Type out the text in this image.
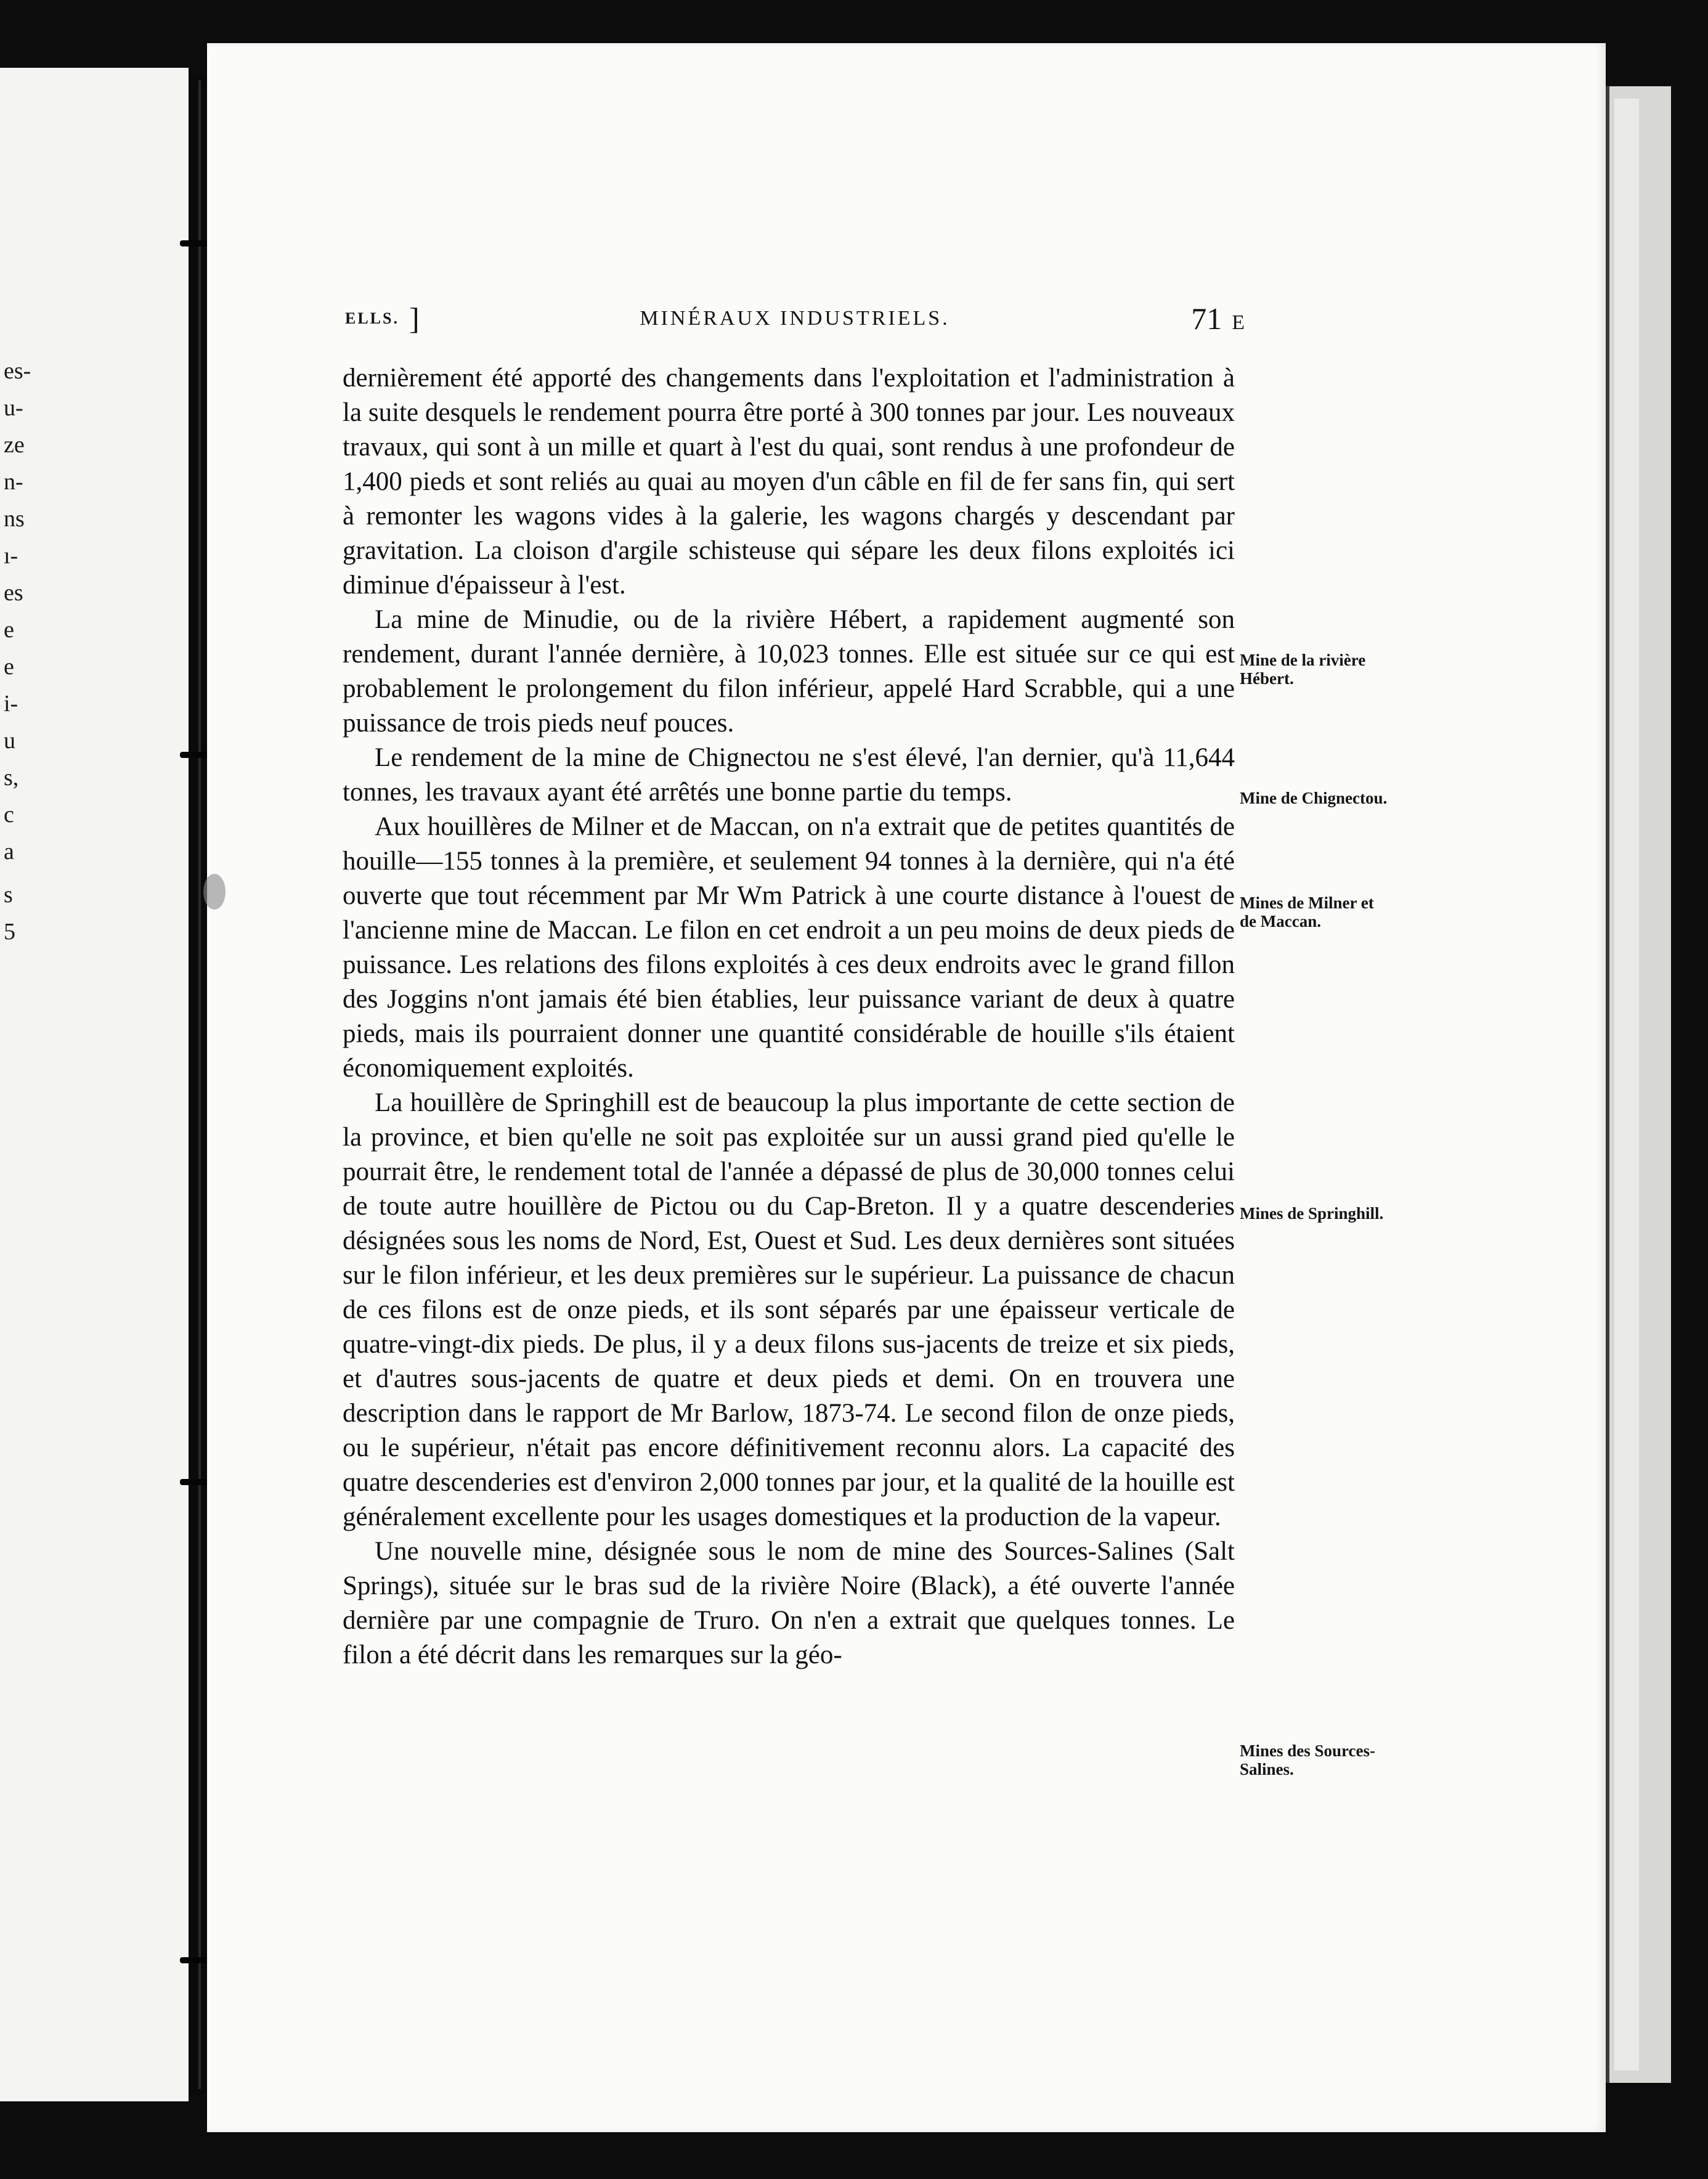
es-
u-
ze
n-
ns
ı-
es
e
e
i-
u
s,
c
a
s
5
ELLS. ]	MINÉRAUX INDUSTRIELS.	71 E

dernièrement été apporté des changements dans l'exploitation et l'administration à la suite desquels le rendement pourra être porté à 300 tonnes par jour. Les nouveaux travaux, qui sont à un mille et quart à l'est du quai, sont rendus à une profondeur de 1,400 pieds et sont reliés au quai au moyen d'un câble en fil de fer sans fin, qui sert à remonter les wagons vides à la galerie, les wagons chargés y descendant par gravitation. La cloison d'argile schisteuse qui sépare les deux filons exploités ici diminue d'épaisseur à l'est.

La mine de Minudie, ou de la rivière Hébert, a rapidement augmenté son rendement, durant l'année dernière, à 10,023 tonnes. Elle est située sur ce qui est probablement le prolongement du filon inférieur, appelé Hard Scrabble, qui a une puissance de trois pieds neuf pouces.

Le rendement de la mine de Chignectou ne s'est élevé, l'an dernier, qu'à 11,644 tonnes, les travaux ayant été arrêtés une bonne partie du temps.

Aux houillères de Milner et de Maccan, on n'a extrait que de petites quantités de houille—155 tonnes à la première, et seulement 94 tonnes à la dernière, qui n'a été ouverte que tout récemment par Mr Wm Patrick à une courte distance à l'ouest de l'ancienne mine de Maccan. Le filon en cet endroit a un peu moins de deux pieds de puissance. Les relations des filons exploités à ces deux endroits avec le grand fillon des Joggins n'ont jamais été bien établies, leur puissance variant de deux à quatre pieds, mais ils pourraient donner une quantité considérable de houille s'ils étaient économiquement exploités.

La houillère de Springhill est de beaucoup la plus importante de cette section de la province, et bien qu'elle ne soit pas exploitée sur un aussi grand pied qu'elle le pourrait être, le rendement total de l'année a dépassé de plus de 30,000 tonnes celui de toute autre houillère de Pictou ou du Cap-Breton. Il y a quatre descenderies désignées sous les noms de Nord, Est, Ouest et Sud. Les deux dernières sont situées sur le filon inférieur, et les deux premières sur le supérieur. La puissance de chacun de ces filons est de onze pieds, et ils sont séparés par une épaisseur verticale de quatre-vingt-dix pieds. De plus, il y a deux filons sus-jacents de treize et six pieds, et d'autres sous-jacents de quatre et deux pieds et demi. On en trouvera une description dans le rapport de Mr Barlow, 1873-74. Le second filon de onze pieds, ou le supérieur, n'était pas encore définitivement reconnu alors. La capacité des quatre descenderies est d'environ 2,000 tonnes par jour, et la qualité de la houille est généralement excellente pour les usages domestiques et la production de la vapeur.

Une nouvelle mine, désignée sous le nom de mine des Sources-Salines (Salt Springs), située sur le bras sud de la rivière Noire (Black), a été ouverte l'année dernière par une compagnie de Truro. On n'en a extrait que quelques tonnes. Le filon a été décrit dans les remarques sur la géo-

Mine de la rivière Hébert.
Mine de Chignectou.
Mines de Milner et de Maccan.
Mines de Springhill.
Mines des Sources-Salines.
